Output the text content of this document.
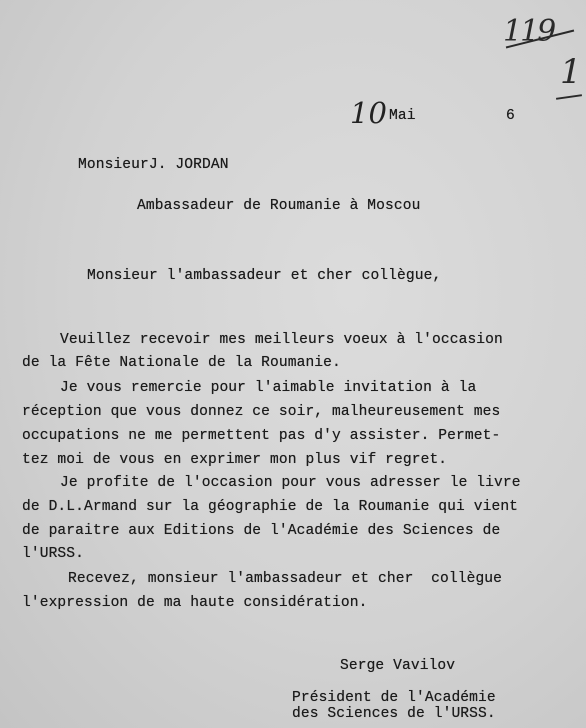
119
1
10 Mai	6
MonsieurJ. JORDAN
Ambassadeur de Roumanie à Moscou
Monsieur l'ambassadeur et cher collègue,
Veuillez recevoir mes meilleurs voeux à l'occasion
de la Fête Nationale de la Roumanie.
Je vous remercie pour l'aimable invitation à la
réception que vous donnez ce soir, malheureusement mes
occupations ne me permettent pas d'y assister. Permet-
tez moi de vous en exprimer mon plus vif regret.
Je profite de l'occasion pour vous adresser le livre
de D.L.Armand sur la géographie de la Roumanie qui vient
de paraitre aux Editions de l'Académie des Sciences de
l'URSS.
Recevez, monsieur l'ambassadeur et cher  collègue
l'expression de ma haute considération.
Serge Vavilov
Président de l'Académie
des Sciences de l'URSS.
